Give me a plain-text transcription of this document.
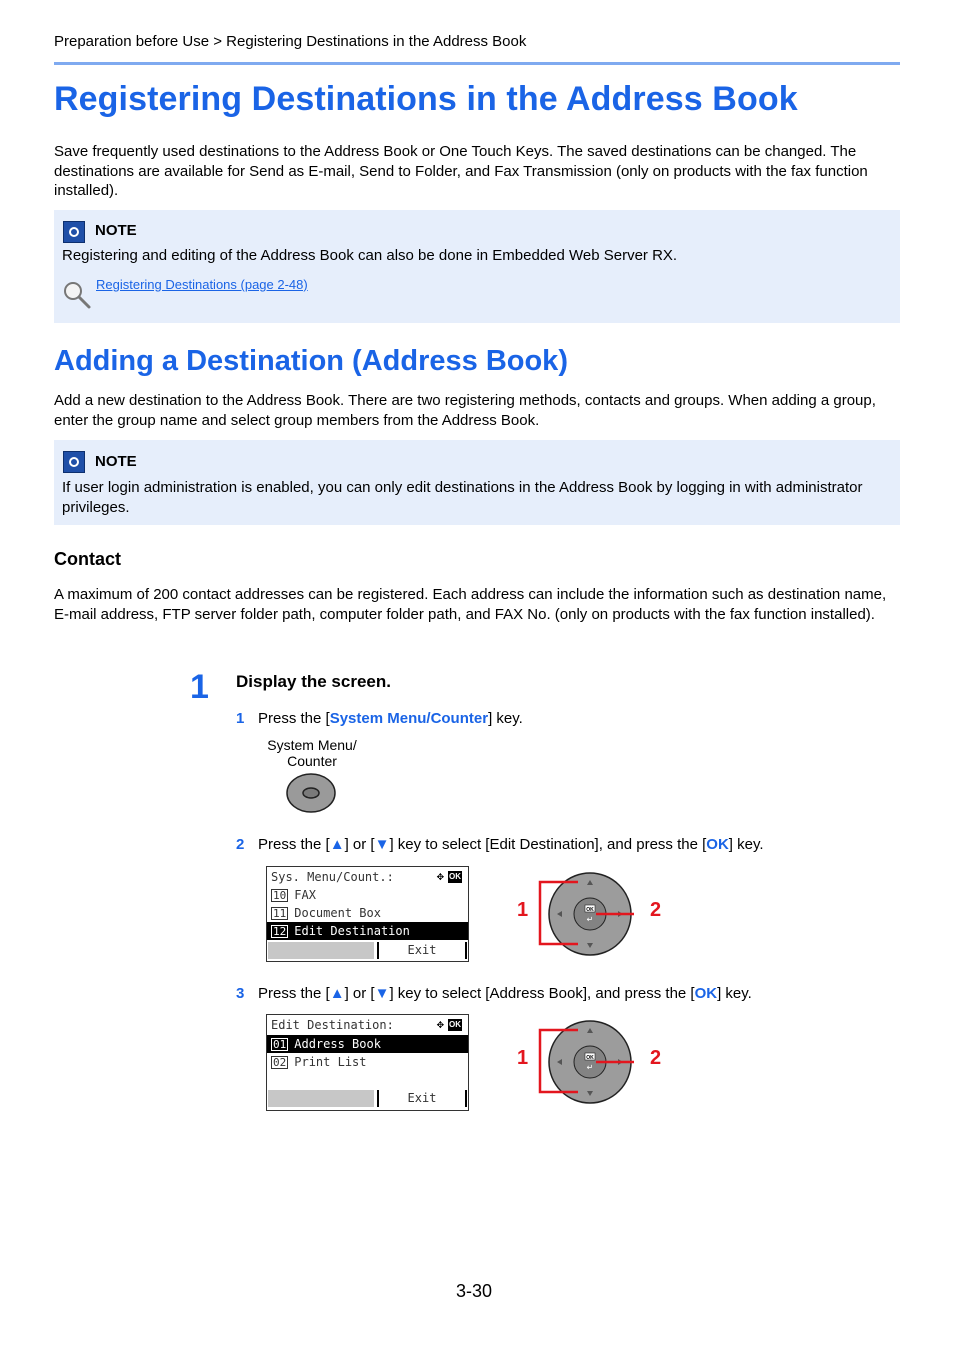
Preparation before Use > Registering Destinations in the Address Book
Registering Destinations in the Address Book
Save frequently used destinations to the Address Book or One Touch Keys. The saved destinations can be changed. The destinations are available for Send as E-mail, Send to Folder, and Fax Transmission (only on products with the fax function installed).
NOTE
Registering and editing of the Address Book can also be done in Embedded Web Server RX.
Registering Destinations (page 2-48)
Adding a Destination (Address Book)
Add a new destination to the Address Book. There are two registering methods, contacts and groups. When adding a group, enter the group name and select group members from the Address Book.
NOTE
If user login administration is enabled, you can only edit destinations in the Address Book by logging in with administrator privileges.
Contact
A maximum of 200 contact addresses can be registered. Each address can include the information such as destination name, E-mail address, FTP server folder path, computer folder path, and FAX No. (only on products with the fax function installed).
1 Display the screen.
1 Press the [System Menu/Counter] key.
System Menu/
Counter
2 Press the [▲] or [▼] key to select [Edit Destination], and press the [OK] key.
Sys. Menu/Count.:	✥ OK
10 FAX
11 Document Box
12 Edit Destination
Exit
OK
↵
1	2
3 Press the [▲] or [▼] key to select [Address Book], and press the [OK] key.
Edit Destination:	✥ OK
01 Address Book
02 Print List
Exit
OK
↵
1	2
3-30
